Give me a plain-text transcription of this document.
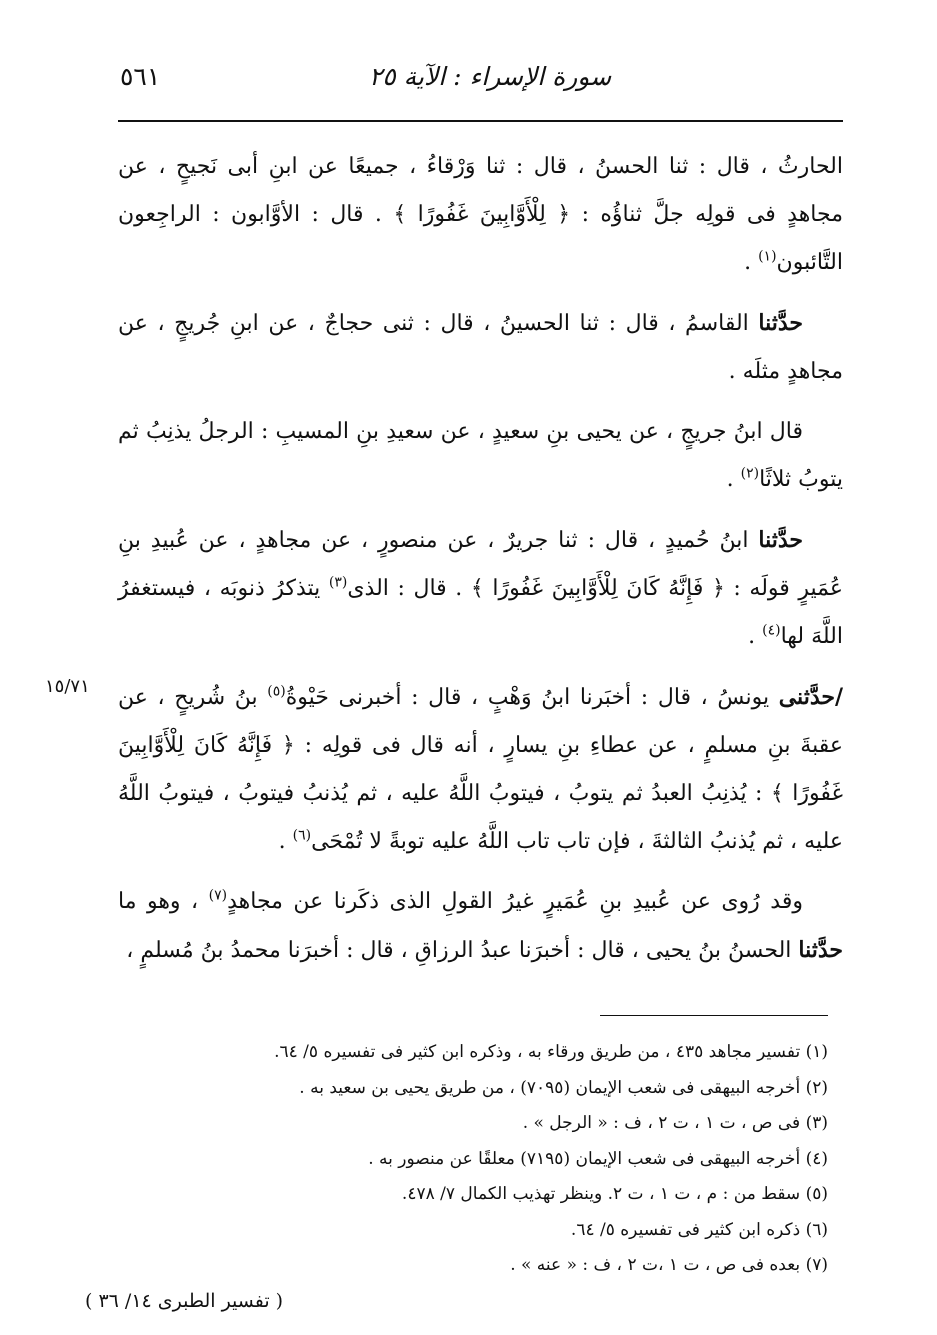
سورة الإسراء : الآية ٢٥
٥٦١

الحارثُ ، قال : ثنا الحسنُ ، قال : ثنا وَرْقاءُ ، جميعًا عن ابنِ أبى نَجيحٍ ، عن مجاهدٍ فى قولِه جلَّ ثناؤُه : ﴿ لِلْأَوَّابِينَ غَفُورًا ﴾ . قال : الأوَّابون : الراجِعون التَّائبون$^{(١)}$ .

حدَّثنا القاسمُ ، قال : ثنا الحسينُ ، قال : ثنى حجاجٌ ، عن ابنِ جُريجٍ ، عن مجاهدٍ مثلَه .

قال ابنُ جريجٍ ، عن يحيى بنِ سعيدٍ ، عن سعيدِ بنِ المسيبِ : الرجلُ يذنِبُ ثم يتوبُ ثلاثًا$^{(٢)}$ .

حدَّثنا ابنُ حُميدٍ ، قال : ثنا جريرٌ ، عن منصورٍ ، عن مجاهدٍ ، عن عُبيدِ بنِ عُمَيرٍ قولَه : ﴿ فَإِنَّهُ كَانَ لِلْأَوَّابِينَ غَفُورًا ﴾ . قال : الذى$^{(٣)}$ يتذكرُ ذنوبَه ، فيستغفرُ اللَّهَ لها$^{(٤)}$ .

/حدَّثنى يونسُ ، قال : أخبَرنا ابنُ وَهْبٍ ، قال : أخبرنى حَيْوةُ$^{(٥)}$ بنُ شُريحٍ ، عن عقبةَ بنِ مسلمٍ ، عن عطاءِ بنِ يسارٍ ، أنه قال فى قولِه : ﴿ فَإِنَّهُ كَانَ لِلْأَوَّابِينَ غَفُورًا ﴾ : يُذنِبُ العبدُ ثم يتوبُ ، فيتوبُ اللَّهُ عليه ، ثم يُذنبُ فيتوبُ ، فيتوبُ اللَّهُ عليه ، ثم يُذنبُ الثالثةَ ، فإن تاب تاب اللَّهُ عليه توبةً لا تُمْحَى$^{(٦)}$ .

وقد رُوى عن عُبيدِ بنِ عُمَيرٍ غيرُ القولِ الذى ذكَرنا عن مجاهدٍ$^{(٧)}$ ، وهو ما حدَّثنا الحسنُ بنُ يحيى ، قال : أخبرَنا عبدُ الرزاقِ ، قال : أخبرَنا محمدُ بنُ مُسلمٍ ،

١٥/٧١

(١) تفسير مجاهد ٤٣٥ ، من طريق ورقاء به ، وذكره ابن كثير فى تفسيره ٥/ ٦٤.

(٢) أخرجه البيهقى فى شعب الإيمان (٧٠٩٥) ، من طريق يحيى بن سعيد به .

(٣) فى ص ، ت ١ ، ت ٢ ، ف : « الرجل » .

(٤) أخرجه البيهقى فى شعب الإيمان (٧١٩٥) معلقًا عن منصور به .

(٥) سقط من : م ، ت ١ ، ت ٢. وينظر تهذيب الكمال ٧/ ٤٧٨.

(٦) ذكره ابن كثير فى تفسيره ٥/ ٦٤.

(٧) بعده فى ص ، ت ١ ،ت ٢ ، ف : « عنه » .

( تفسير الطبرى ١٤/ ٣٦ )
